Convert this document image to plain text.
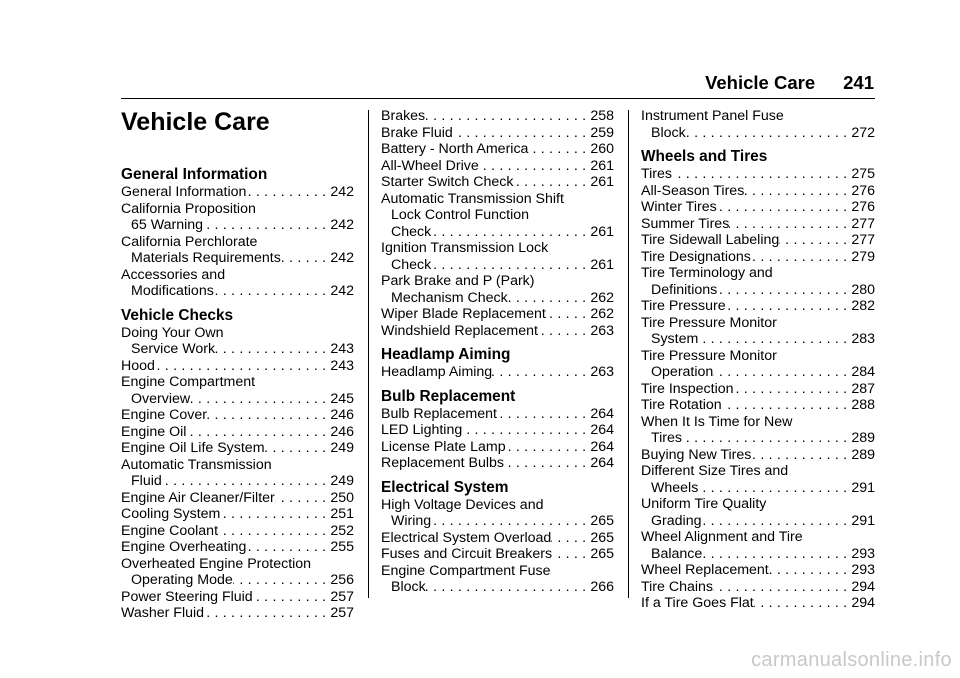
Vehicle Care 241
Vehicle Care
General Information
General Information . . .	242
California Proposition
65 Warning . . .	242
California Perchlorate
Materials Requirements . . .	242
Accessories and
Modifications . . .	242
Vehicle Checks
Doing Your Own
Service Work . . .	243
Hood . . .	243
Engine Compartment
Overview . . .	245
Engine Cover . . .	246
Engine Oil . . .	246
Engine Oil Life System . . .	249
Automatic Transmission
Fluid . . .	249
Engine Air Cleaner/Filter . . .	250
Cooling System . . .	251
Engine Coolant . . .	252
Engine Overheating . . .	255
Overheated Engine Protection
Operating Mode . . .	256
Power Steering Fluid . . .	257
Washer Fluid . . .	257
Brakes . . .	258
Brake Fluid . . .	259
Battery - North America . . .	260
All-Wheel Drive . . .	261
Starter Switch Check . . .	261
Automatic Transmission Shift
Lock Control Function
Check . . .	261
Ignition Transmission Lock
Check . . .	261
Park Brake and P (Park)
Mechanism Check . . .	262
Wiper Blade Replacement . . .	262
Windshield Replacement . . .	263
Headlamp Aiming
Headlamp Aiming . . .	263
Bulb Replacement
Bulb Replacement . . .	264
LED Lighting . . .	264
License Plate Lamp . . .	264
Replacement Bulbs . . .	264
Electrical System
High Voltage Devices and
Wiring . . .	265
Electrical System Overload . . .	265
Fuses and Circuit Breakers . . .	265
Engine Compartment Fuse
Block . . .	266
Instrument Panel Fuse
Block . . .	272
Wheels and Tires
Tires . . .	275
All-Season Tires . . .	276
Winter Tires . . .	276
Summer Tires . . .	277
Tire Sidewall Labeling . . .	277
Tire Designations . . .	279
Tire Terminology and
Definitions . . .	280
Tire Pressure . . .	282
Tire Pressure Monitor
System . . .	283
Tire Pressure Monitor
Operation . . .	284
Tire Inspection . . .	287
Tire Rotation . . .	288
When It Is Time for New
Tires . . .	289
Buying New Tires . . .	289
Different Size Tires and
Wheels . . .	291
Uniform Tire Quality
Grading . . .	291
Wheel Alignment and Tire
Balance . . .	293
Wheel Replacement . . .	293
Tire Chains . . .	294
If a Tire Goes Flat . . .	294
carmanualsonline.info
